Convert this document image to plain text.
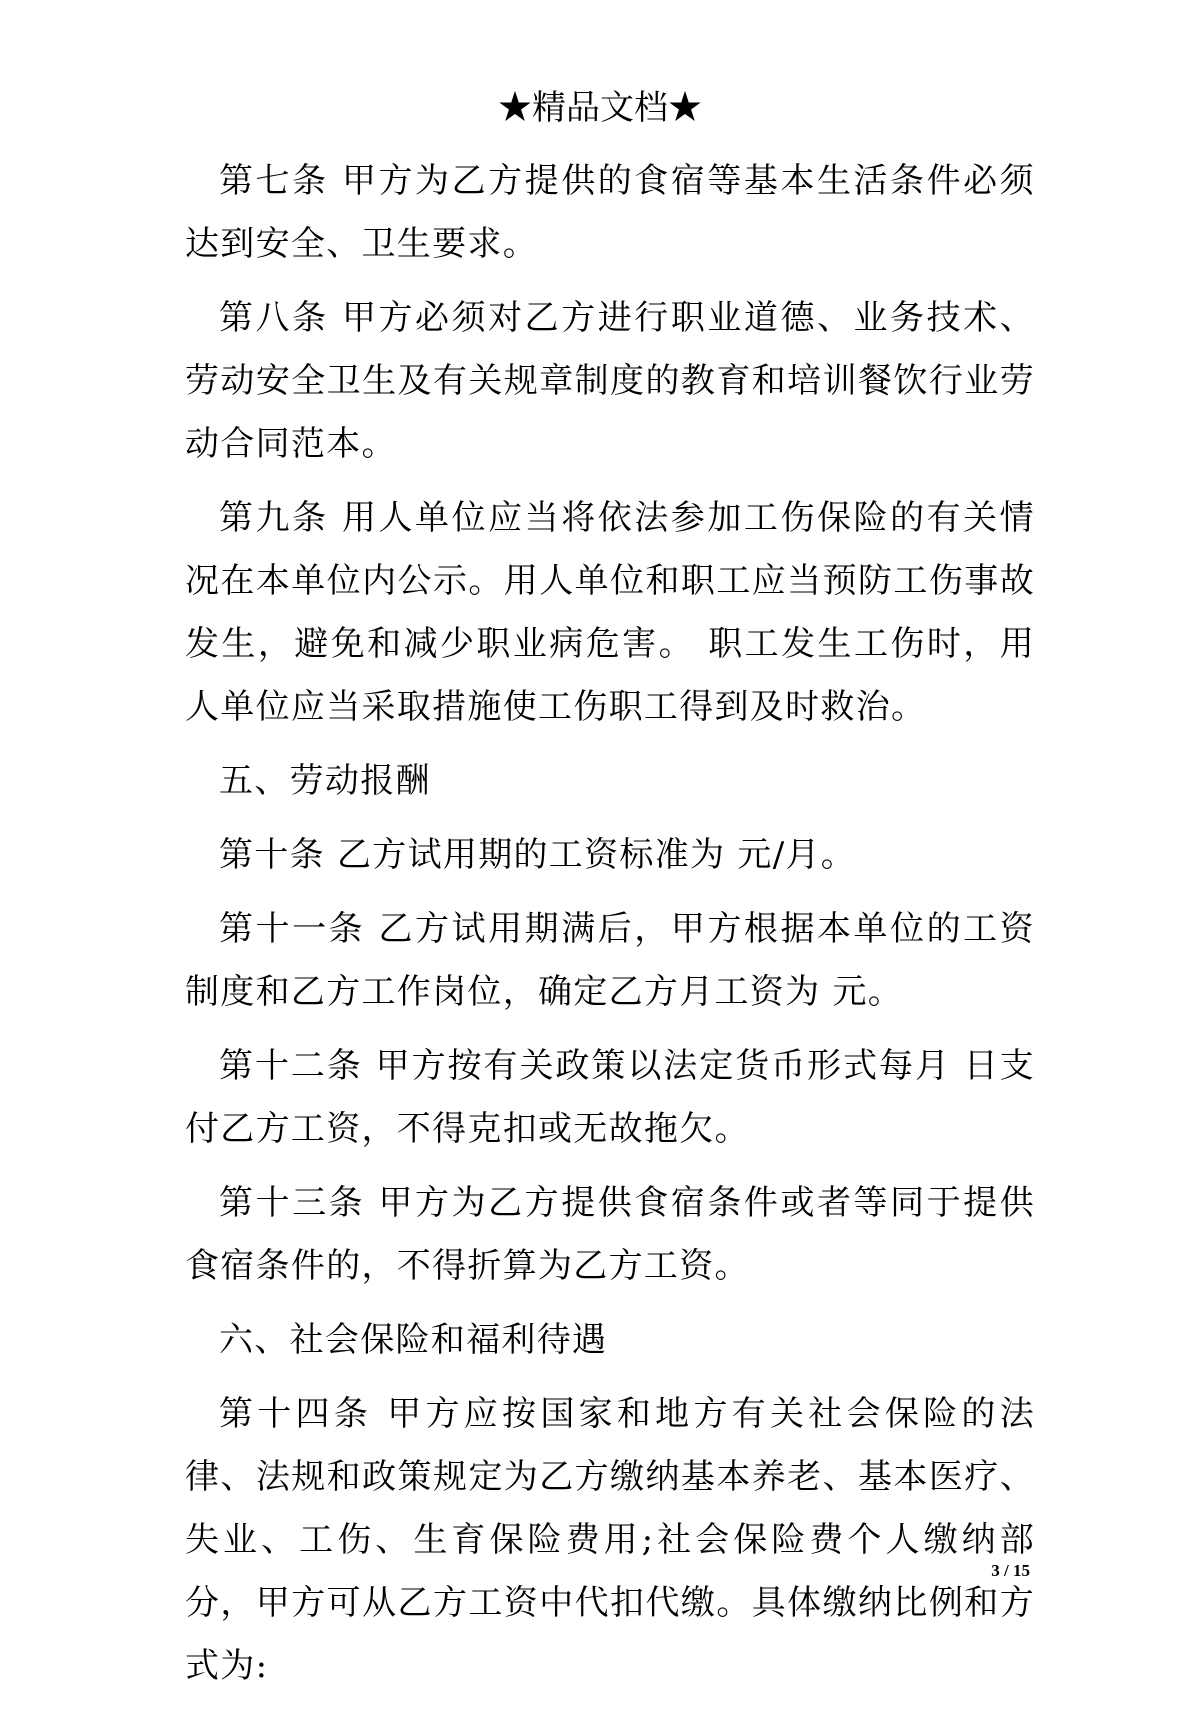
★精品文档★

第七条 甲方为乙方提供的食宿等基本生活条件必须达到安全、卫生要求。

第八条 甲方必须对乙方进行职业道德、业务技术、劳动安全卫生及有关规章制度的教育和培训餐饮行业劳动合同范本。

第九条 用人单位应当将依法参加工伤保险的有关情况在本单位内公示。用人单位和职工应当预防工伤事故发生，避免和减少职业病危害。 职工发生工伤时，用人单位应当采取措施使工伤职工得到及时救治。

五、劳动报酬

第十条 乙方试用期的工资标准为 元/月。

第十一条 乙方试用期满后，甲方根据本单位的工资制度和乙方工作岗位，确定乙方月工资为 元。

第十二条 甲方按有关政策以法定货币形式每月 日支付乙方工资，不得克扣或无故拖欠。

第十三条 甲方为乙方提供食宿条件或者等同于提供食宿条件的，不得折算为乙方工资。

六、社会保险和福利待遇

第十四条 甲方应按国家和地方有关社会保险的法律、法规和政策规定为乙方缴纳基本养老、基本医疗、失业、工伤、生育保险费用;社会保险费个人缴纳部分，甲方可从乙方工资中代扣代缴。具体缴纳比例和方式为:

3 / 15
